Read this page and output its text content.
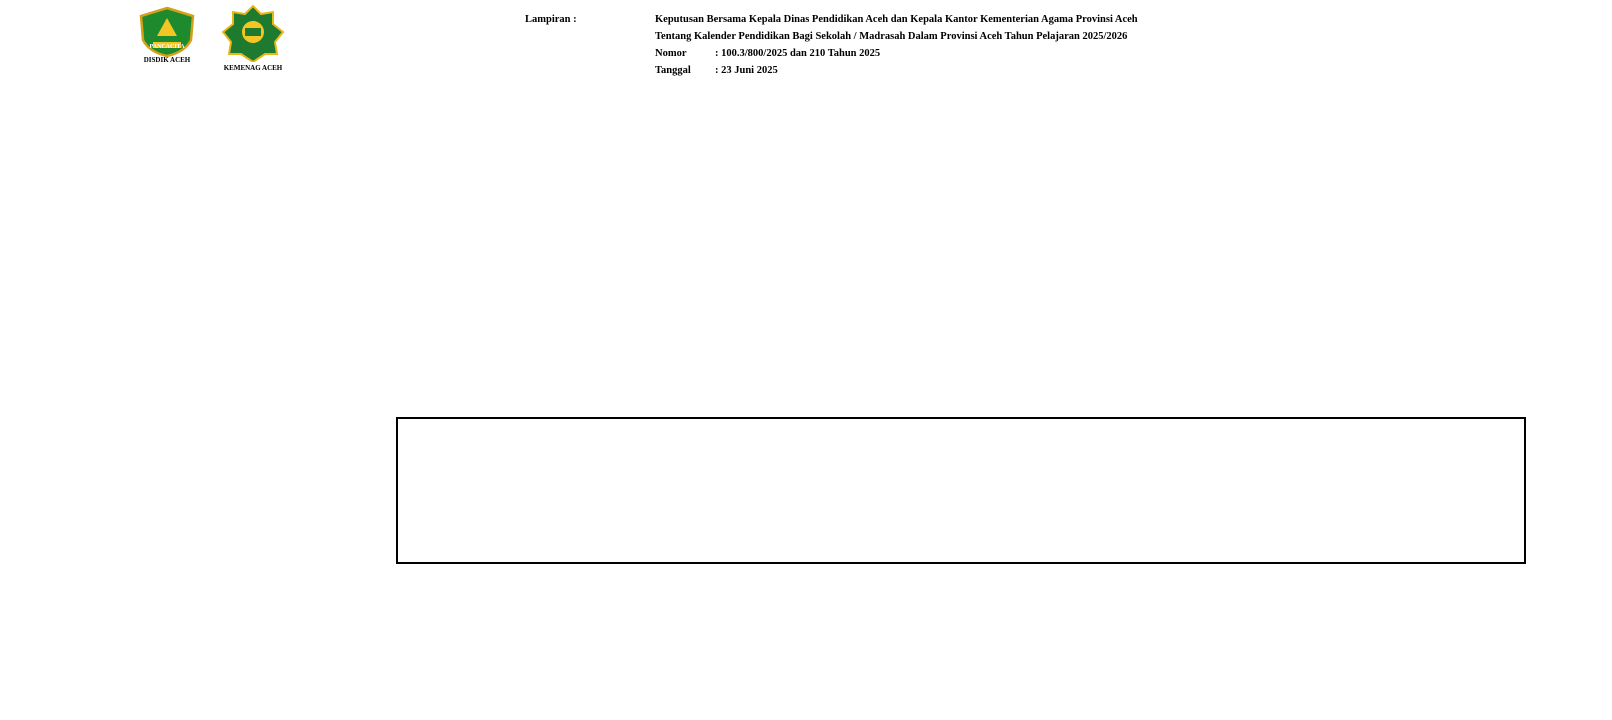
PANCACITA
DISDIK ACEH
KEMENAG ACEH
Lampiran :	Keputusan Bersama Kepala Dinas Pendidikan Aceh dan Kepala Kantor Kementerian Agama Provinsi Aceh
Tentang Kalender Pendidikan Bagi Sekolah / Madrasah Dalam Provinsi Aceh Tahun Pelajaran 2025/2026
Nomor	: 100.3/800/2025 dan 210 Tahun 2025
Tanggal : 23 Juni 2025
